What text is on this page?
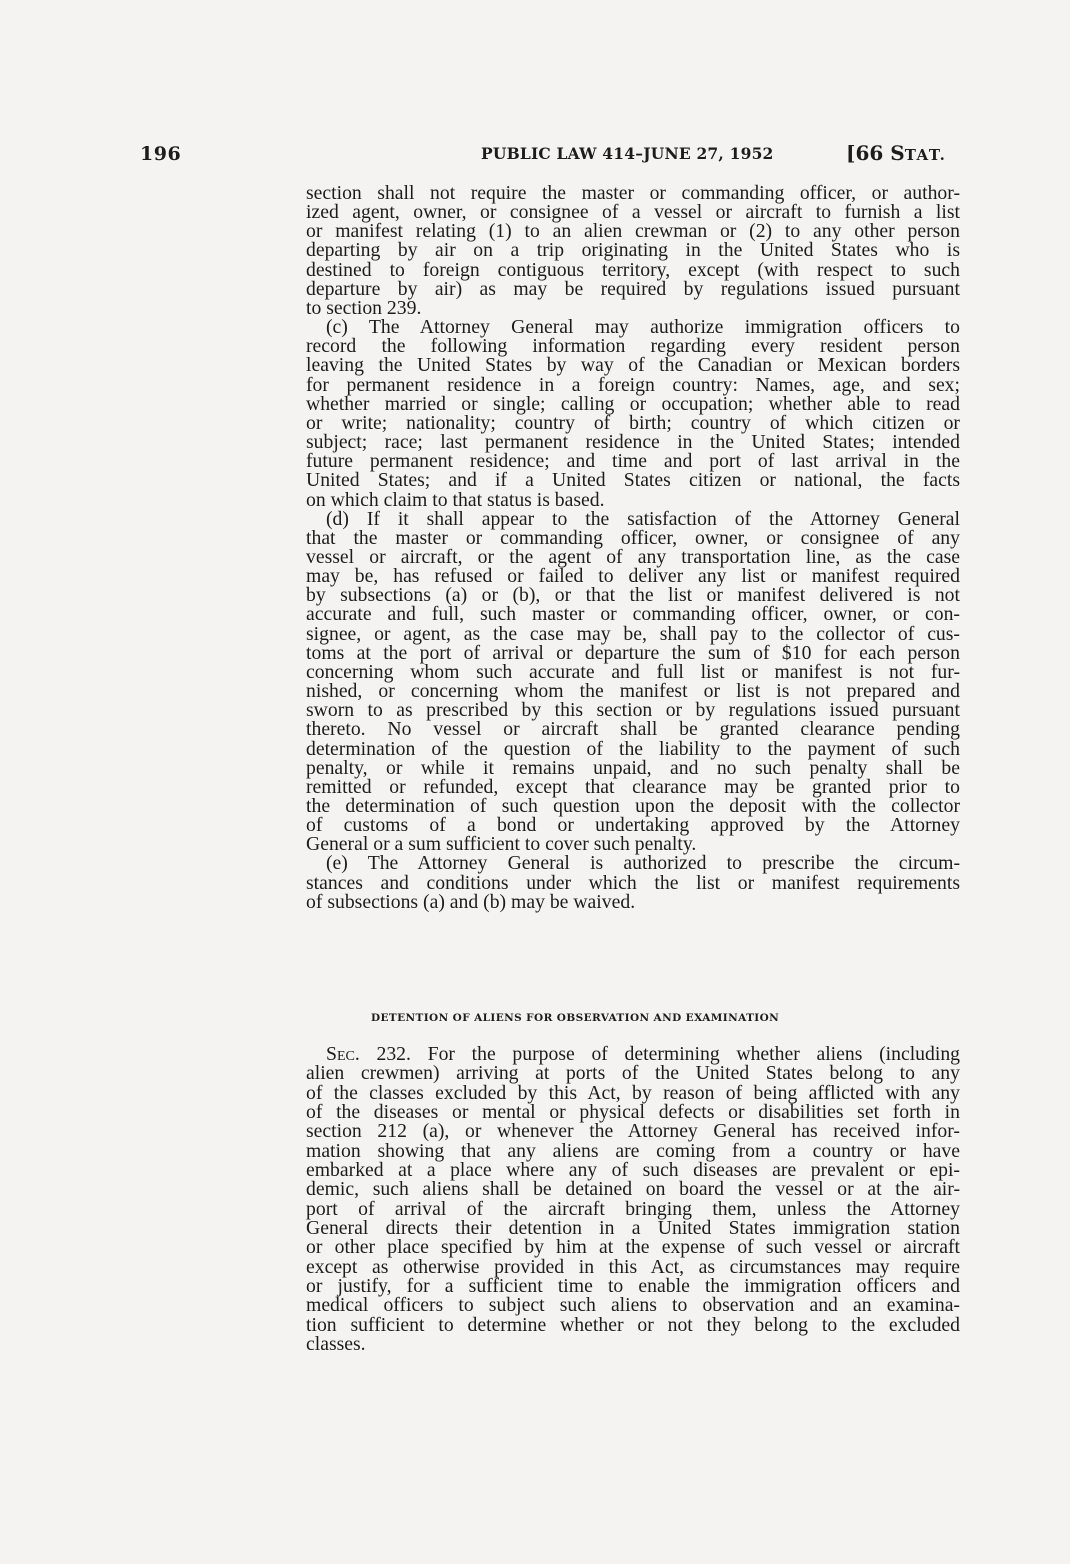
196	PUBLIC LAW 414–JUNE 27, 1952	[66 STAT.

section shall not require the master or commanding officer, or author-
ized agent, owner, or consignee of a vessel or aircraft to furnish a list
or manifest relating (1) to an alien crewman or (2) to any other person
departing by air on a trip originating in the United States who is
destined to foreign contiguous territory, except (with respect to such
departure by air) as may be required by regulations issued pursuant
to section 239.

(c) The Attorney General may authorize immigration officers to
record the following information regarding every resident person
leaving the United States by way of the Canadian or Mexican borders
for permanent residence in a foreign country: Names, age, and sex;
whether married or single; calling or occupation; whether able to read
or write; nationality; country of birth; country of which citizen or
subject; race; last permanent residence in the United States; intended
future permanent residence; and time and port of last arrival in the
United States; and if a United States citizen or national, the facts
on which claim to that status is based.

(d) If it shall appear to the satisfaction of the Attorney General
that the master or commanding officer, owner, or consignee of any
vessel or aircraft, or the agent of any transportation line, as the case
may be, has refused or failed to deliver any list or manifest required
by subsections (a) or (b), or that the list or manifest delivered is not
accurate and full, such master or commanding officer, owner, or con-
signee, or agent, as the case may be, shall pay to the collector of cus-
toms at the port of arrival or departure the sum of $10 for each person
concerning whom such accurate and full list or manifest is not fur-
nished, or concerning whom the manifest or list is not prepared and
sworn to as prescribed by this section or by regulations issued pursuant
thereto. No vessel or aircraft shall be granted clearance pending
determination of the question of the liability to the payment of such
penalty, or while it remains unpaid, and no such penalty shall be
remitted or refunded, except that clearance may be granted prior to
the determination of such question upon the deposit with the collector
of customs of a bond or undertaking approved by the Attorney
General or a sum sufficient to cover such penalty.

(e) The Attorney General is authorized to prescribe the circum-
stances and conditions under which the list or manifest requirements
of subsections (a) and (b) may be waived.

DETENTION OF ALIENS FOR OBSERVATION AND EXAMINATION
Sec. 232. For the purpose of determining whether aliens (including
alien crewmen) arriving at ports of the United States belong to any
of the classes excluded by this Act, by reason of being afflicted with any
of the diseases or mental or physical defects or disabilities set forth in
section 212 (a), or whenever the Attorney General has received infor-
mation showing that any aliens are coming from a country or have
embarked at a place where any of such diseases are prevalent or epi-
demic, such aliens shall be detained on board the vessel or at the air-
port of arrival of the aircraft bringing them, unless the Attorney
General directs their detention in a United States immigration station
or other place specified by him at the expense of such vessel or aircraft
except as otherwise provided in this Act, as circumstances may require
or justify, for a sufficient time to enable the immigration officers and
medical officers to subject such aliens to observation and an examina-
tion sufficient to determine whether or not they belong to the excluded
classes.
